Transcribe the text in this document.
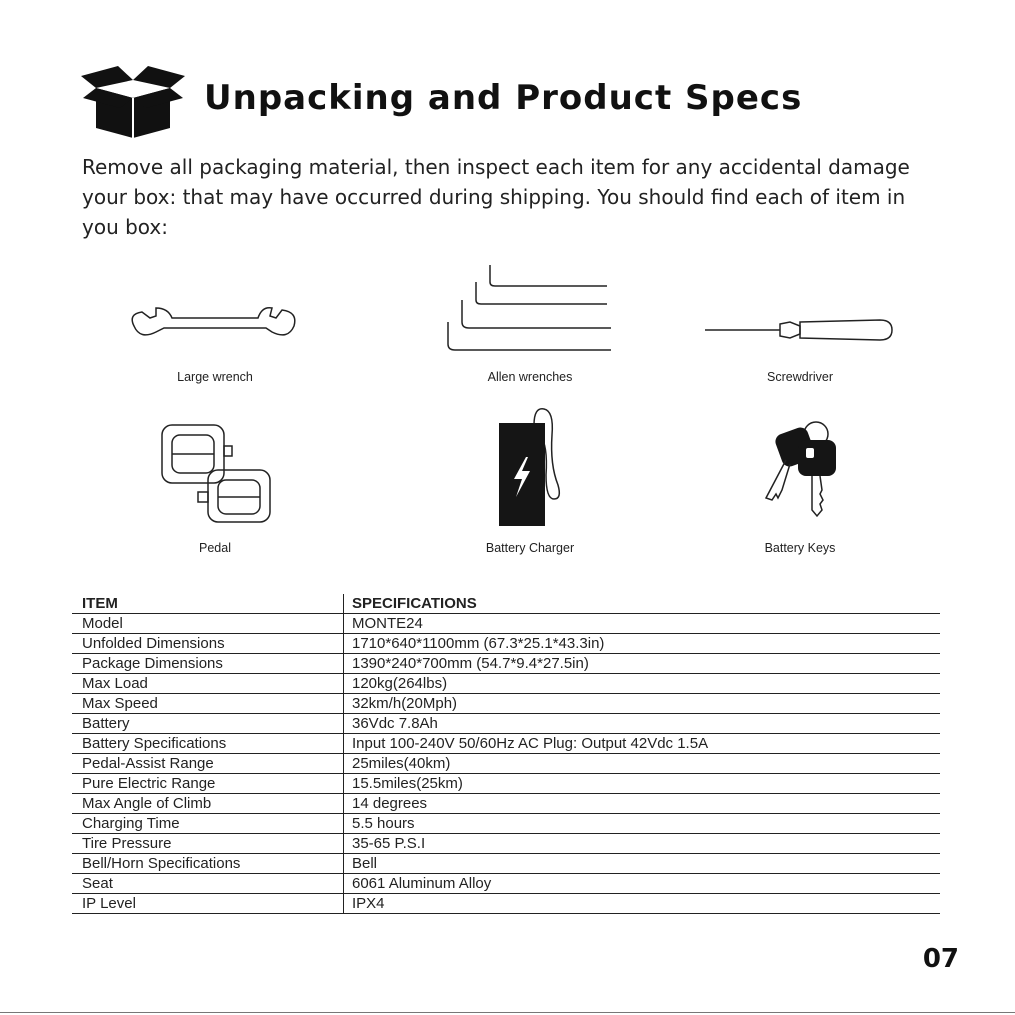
Unpacking and Product Specs
Remove all packaging material, then inspect each item for any accidental damage your box: that may have occurred during shipping. You should find each of item in you box:
Large wrench	Allen wrenches	Screwdriver
Pedal	Battery Charger	Battery Keys
ITEM	SPECIFICATIONS
Model	MONTE24
Unfolded Dimensions	1710*640*1100mm (67.3*25.1*43.3in)
Package Dimensions	1390*240*700mm (54.7*9.4*27.5in)
Max Load	120kg(264lbs)
Max Speed	32km/h(20Mph)
Battery	36Vdc 7.8Ah
Battery Specifications	Input 100-240V 50/60Hz AC Plug: Output 42Vdc 1.5A
Pedal-Assist Range	25miles(40km)
Pure Electric Range	15.5miles(25km)
Max Angle of Climb	14 degrees
Charging Time	5.5 hours
Tire Pressure	35-65 P.S.I
Bell/Horn Specifications	Bell
Seat	6061 Aluminum Alloy
IP Level	IPX4
07
